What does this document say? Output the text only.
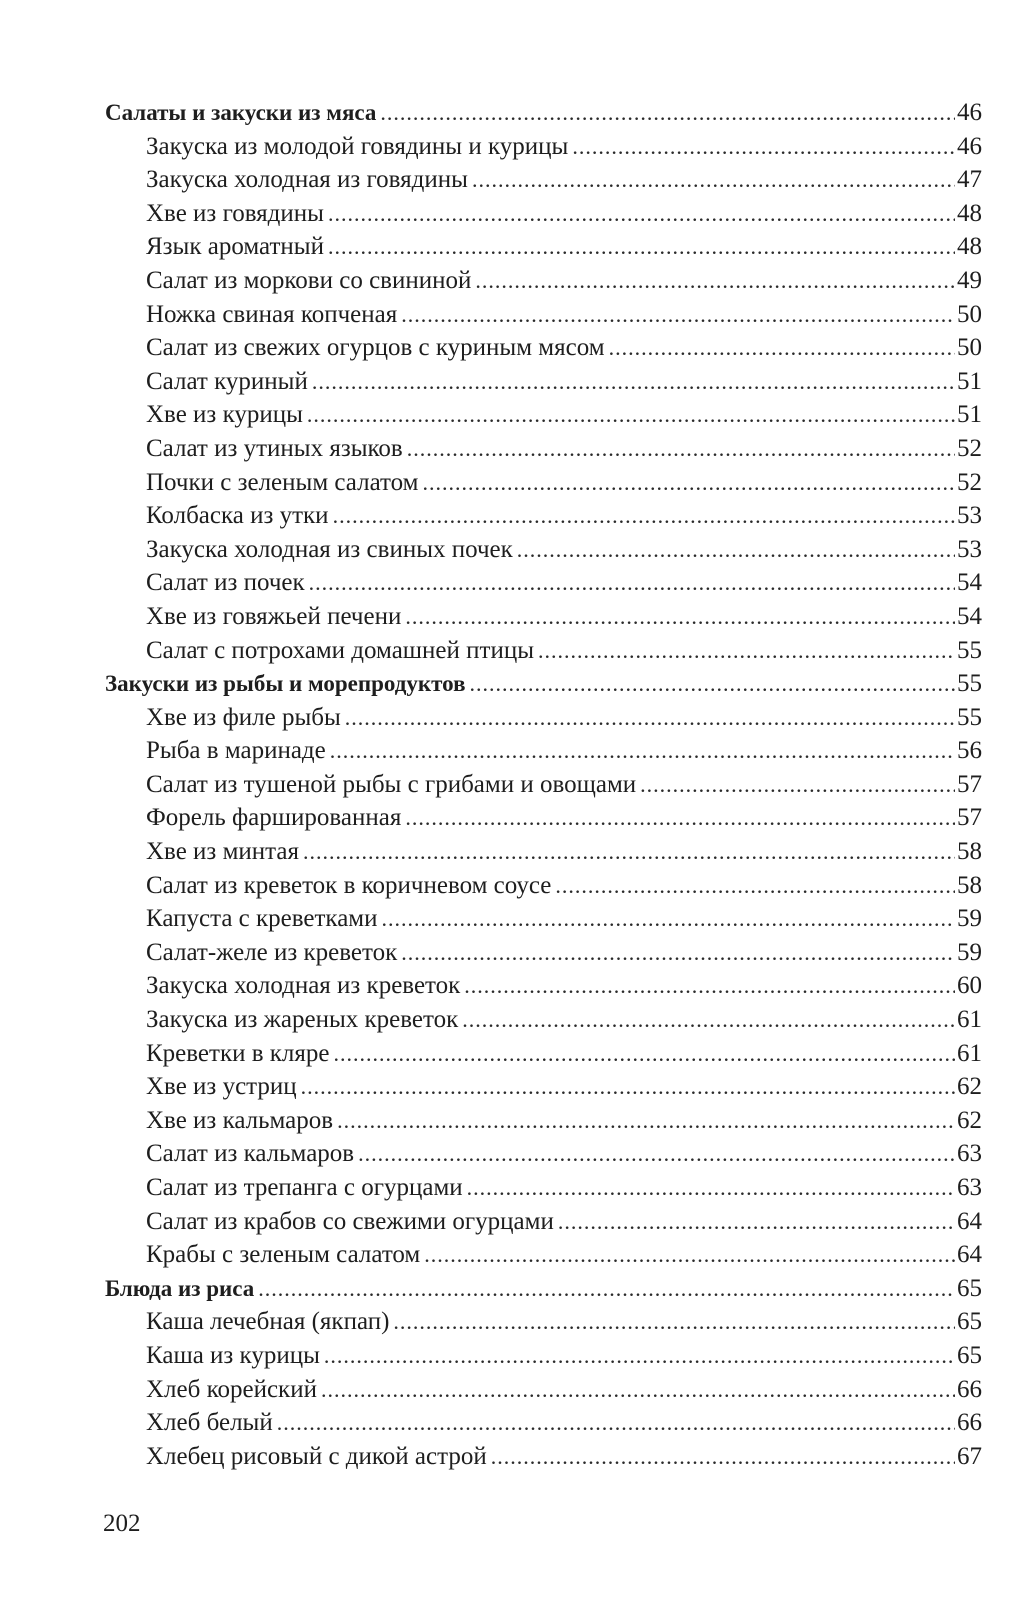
Салаты и закуски из мяса .....	46
Закуска из молодой говядины и курицы .....	46
Закуска холодная из говядины .....	47
Хве из говядины .....	48
Язык ароматный .....	48
Салат из моркови со свининой .....	49
Ножка свиная копченая .....	50
Салат из свежих огурцов с куриным мясом .....	50
Салат куриный .....	51
Хве из курицы .....	51
Салат из утиных языков .....	52
Почки с зеленым салатом .....	52
Колбаска из утки .....	53
Закуска холодная из свиных почек .....	53
Салат из почек .....	54
Хве из говяжьей печени .....	54
Салат с потрохами домашней птицы .....	55
Закуски из рыбы и морепродуктов .....	55
Хве из филе рыбы .....	55
Рыба в маринаде .....	56
Салат из тушеной рыбы с грибами и овощами .....	57
Форель фаршированная .....	57
Хве из минтая .....	58
Салат из креветок в коричневом соусе .....	58
Капуста с креветками .....	59
Салат-желе из креветок .....	59
Закуска холодная из креветок .....	60
Закуска из жареных креветок .....	61
Креветки в кляре .....	61
Хве из устриц .....	62
Хве из кальмаров .....	62
Салат из кальмаров .....	63
Салат из трепанга с огурцами .....	63
Салат из крабов со свежими огурцами .....	64
Крабы с зеленым салатом .....	64
Блюда из риса .....	65
Каша лечебная (якпап) .....	65
Каша из курицы .....	65
Хлеб корейский .....	66
Хлеб белый .....	66
Хлебец рисовый с дикой астрой .....	67
202
